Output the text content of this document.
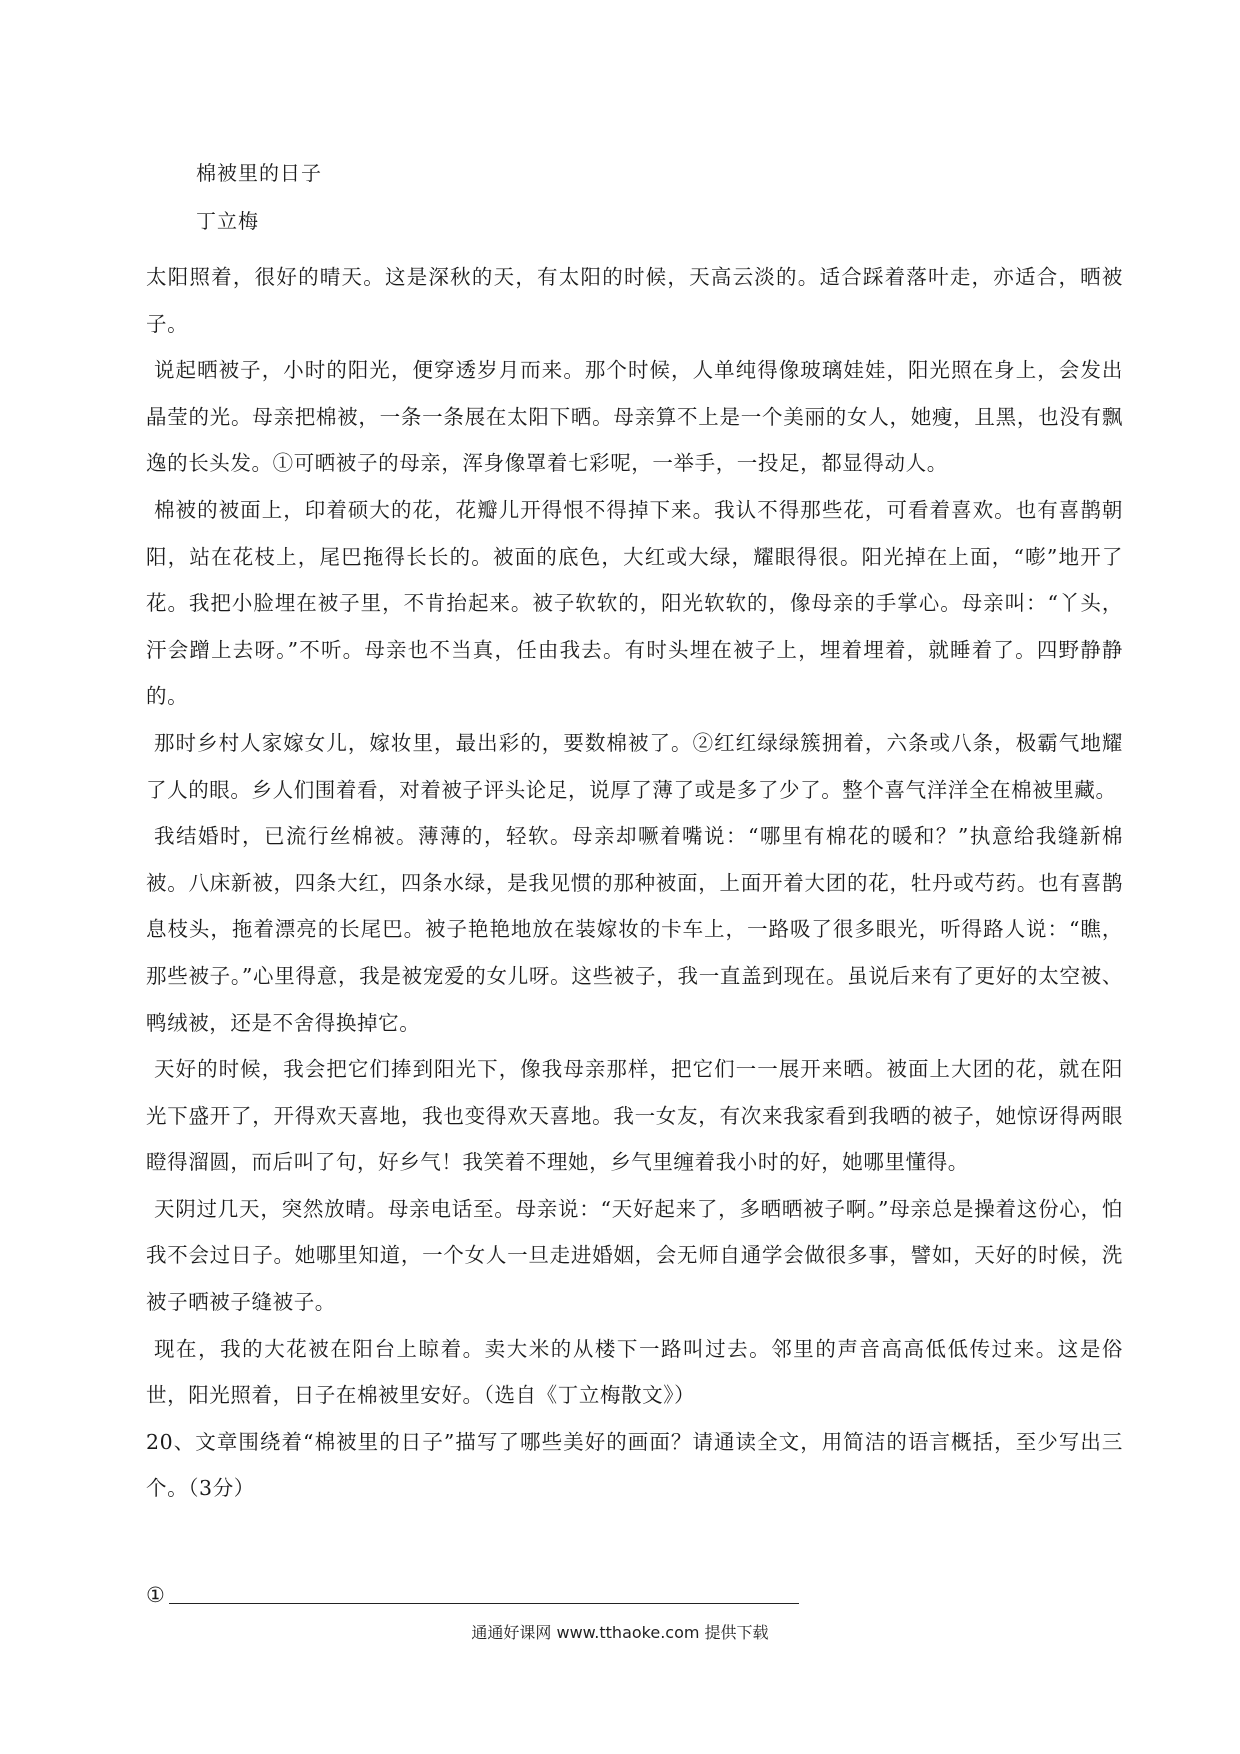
棉被里的日子
丁立梅

太阳照着，很好的晴天。这是深秋的天，有太阳的时候，天高云淡的。适合踩着落叶走，亦适合，晒被子。

说起晒被子，小时的阳光，便穿透岁月而来。那个时候，人单纯得像玻璃娃娃，阳光照在身上，会发出晶莹的光。母亲把棉被，一条一条展在太阳下晒。母亲算不上是一个美丽的女人，她瘦，且黑，也没有飘逸的长头发。①可晒被子的母亲，浑身像罩着七彩呢，一举手，一投足，都显得动人。

棉被的被面上，印着硕大的花，花瓣儿开得恨不得掉下来。我认不得那些花，可看着喜欢。也有喜鹊朝阳，站在花枝上，尾巴拖得长长的。被面的底色，大红或大绿，耀眼得很。阳光掉在上面，“嘭”地开了花。我把小脸埋在被子里，不肯抬起来。被子软软的，阳光软软的，像母亲的手掌心。母亲叫：“丫头，汗会蹭上去呀。”不听。母亲也不当真，任由我去。有时头埋在被子上，埋着埋着，就睡着了。四野静静的。

那时乡村人家嫁女儿，嫁妆里，最出彩的，要数棉被了。②红红绿绿簇拥着，六条或八条，极霸气地耀了人的眼。乡人们围着看，对着被子评头论足，说厚了薄了或是多了少了。整个喜气洋洋全在棉被里藏。

我结婚时，已流行丝棉被。薄薄的，轻软。母亲却噘着嘴说：“哪里有棉花的暖和？”执意给我缝新棉被。八床新被，四条大红，四条水绿，是我见惯的那种被面，上面开着大团的花，牡丹或芍药。也有喜鹊息枝头，拖着漂亮的长尾巴。被子艳艳地放在装嫁妆的卡车上，一路吸了很多眼光，听得路人说：“瞧，那些被子。”心里得意，我是被宠爱的女儿呀。这些被子，我一直盖到现在。虽说后来有了更好的太空被、鸭绒被，还是不舍得换掉它。

天好的时候，我会把它们捧到阳光下，像我母亲那样，把它们一一展开来晒。被面上大团的花，就在阳光下盛开了，开得欢天喜地，我也变得欢天喜地。我一女友，有次来我家看到我晒的被子，她惊讶得两眼瞪得溜圆，而后叫了句，好乡气！我笑着不理她，乡气里缠着我小时的好，她哪里懂得。

天阴过几天，突然放晴。母亲电话至。母亲说：“天好起来了，多晒晒被子啊。”母亲总是操着这份心，怕我不会过日子。她哪里知道，一个女人一旦走进婚姻，会无师自通学会做很多事，譬如，天好的时候，洗被子晒被子缝被子。

现在，我的大花被在阳台上晾着。卖大米的从楼下一路叫过去。邻里的声音高高低低传过来。这是俗世，阳光照着，日子在棉被里安好。（选自《丁立梅散文》）

20、文章围绕着“棉被里的日子”描写了哪些美好的画面？请通读全文，用简洁的语言概括，至少写出三个。（3分）

①
通通好课网 www.tthaoke.com 提供下载
